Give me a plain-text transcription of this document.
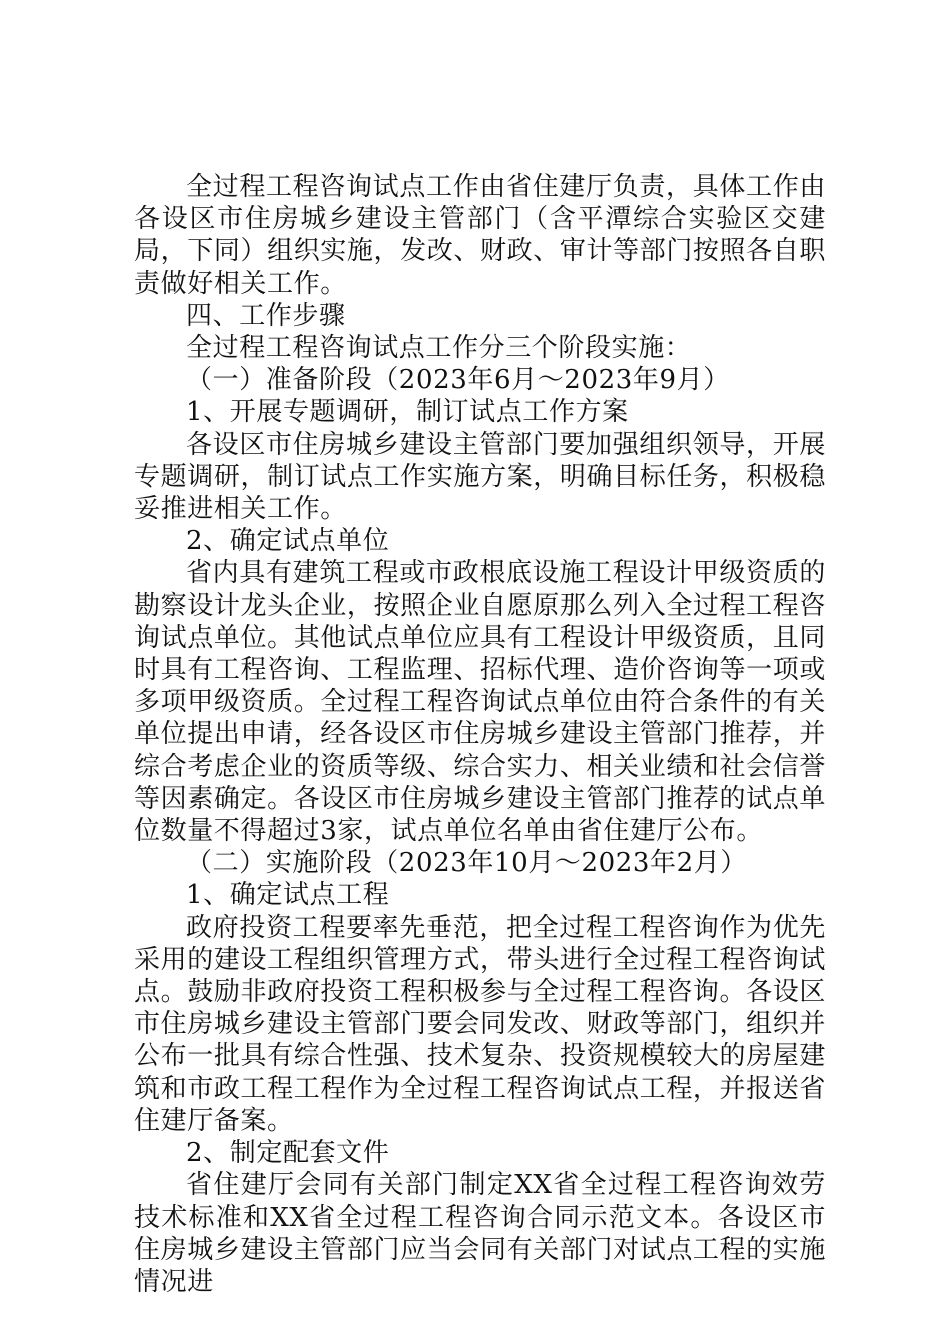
全过程工程咨询试点工作由省住建厅负责，具体工作由各设区市住房城乡建设主管部门（含平潭综合实验区交建局，下同）组织实施，发改、财政、审计等部门按照各自职责做好相关工作。

四、工作步骤

全过程工程咨询试点工作分三个阶段实施：

（一）准备阶段（2023年6月～2023年9月）

1、开展专题调研，制订试点工作方案

各设区市住房城乡建设主管部门要加强组织领导，开展专题调研，制订试点工作实施方案，明确目标任务，积极稳妥推进相关工作。

2、确定试点单位

省内具有建筑工程或市政根底设施工程设计甲级资质的勘察设计龙头企业，按照企业自愿原那么列入全过程工程咨询试点单位。其他试点单位应具有工程设计甲级资质，且同时具有工程咨询、工程监理、招标代理、造价咨询等一项或多项甲级资质。全过程工程咨询试点单位由符合条件的有关单位提出申请，经各设区市住房城乡建设主管部门推荐，并综合考虑企业的资质等级、综合实力、相关业绩和社会信誉等因素确定。各设区市住房城乡建设主管部门推荐的试点单位数量不得超过3家，试点单位名单由省住建厅公布。

（二）实施阶段（2023年10月～2023年2月）

1、确定试点工程

政府投资工程要率先垂范，把全过程工程咨询作为优先采用的建设工程组织管理方式，带头进行全过程工程咨询试点。鼓励非政府投资工程积极参与全过程工程咨询。各设区市住房城乡建设主管部门要会同发改、财政等部门，组织并公布一批具有综合性强、技术复杂、投资规模较大的房屋建筑和市政工程工程作为全过程工程咨询试点工程，并报送省住建厅备案。

2、制定配套文件

省住建厅会同有关部门制定XX省全过程工程咨询效劳技术标准和XX省全过程工程咨询合同示范文本。各设区市住房城乡建设主管部门应当会同有关部门对试点工程的实施情况进
